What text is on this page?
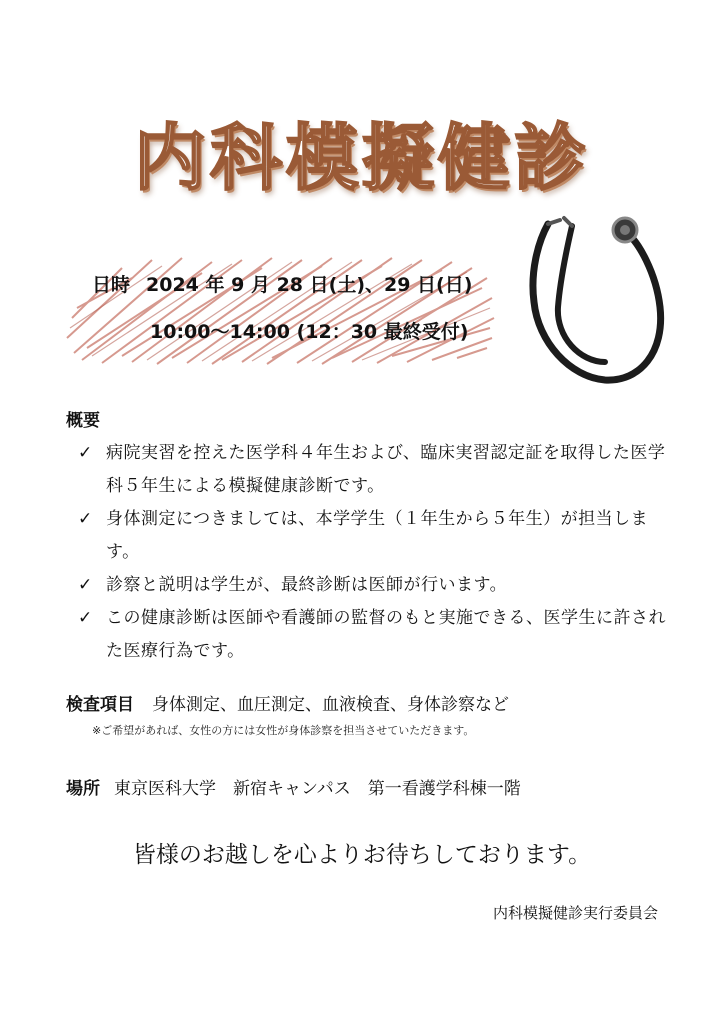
内科模擬健診
日時 2024 年 9 月 28 日(土)、29 日(日)
10:00〜14:00 (12：30 最終受付)
概要
✓ 病院実習を控えた医学科４年生および、臨床実習認定証を取得した医学科５年生による模擬健康診断です。
✓ 身体測定につきましては、本学学生（１年生から５年生）が担当します。
✓ 診察と説明は学生が、最終診断は医師が行います。
✓ この健康診断は医師や看護師の監督のもと実施できる、医学生に許された医療行為です。
検査項目 身体測定、血圧測定、血液検査、身体診察など
※ご希望があれば、女性の方には女性が身体診察を担当させていただきます。
場所 東京医科大学　新宿キャンパス　第一看護学科棟一階
皆様のお越しを心よりお待ちしております。
内科模擬健診実行委員会
